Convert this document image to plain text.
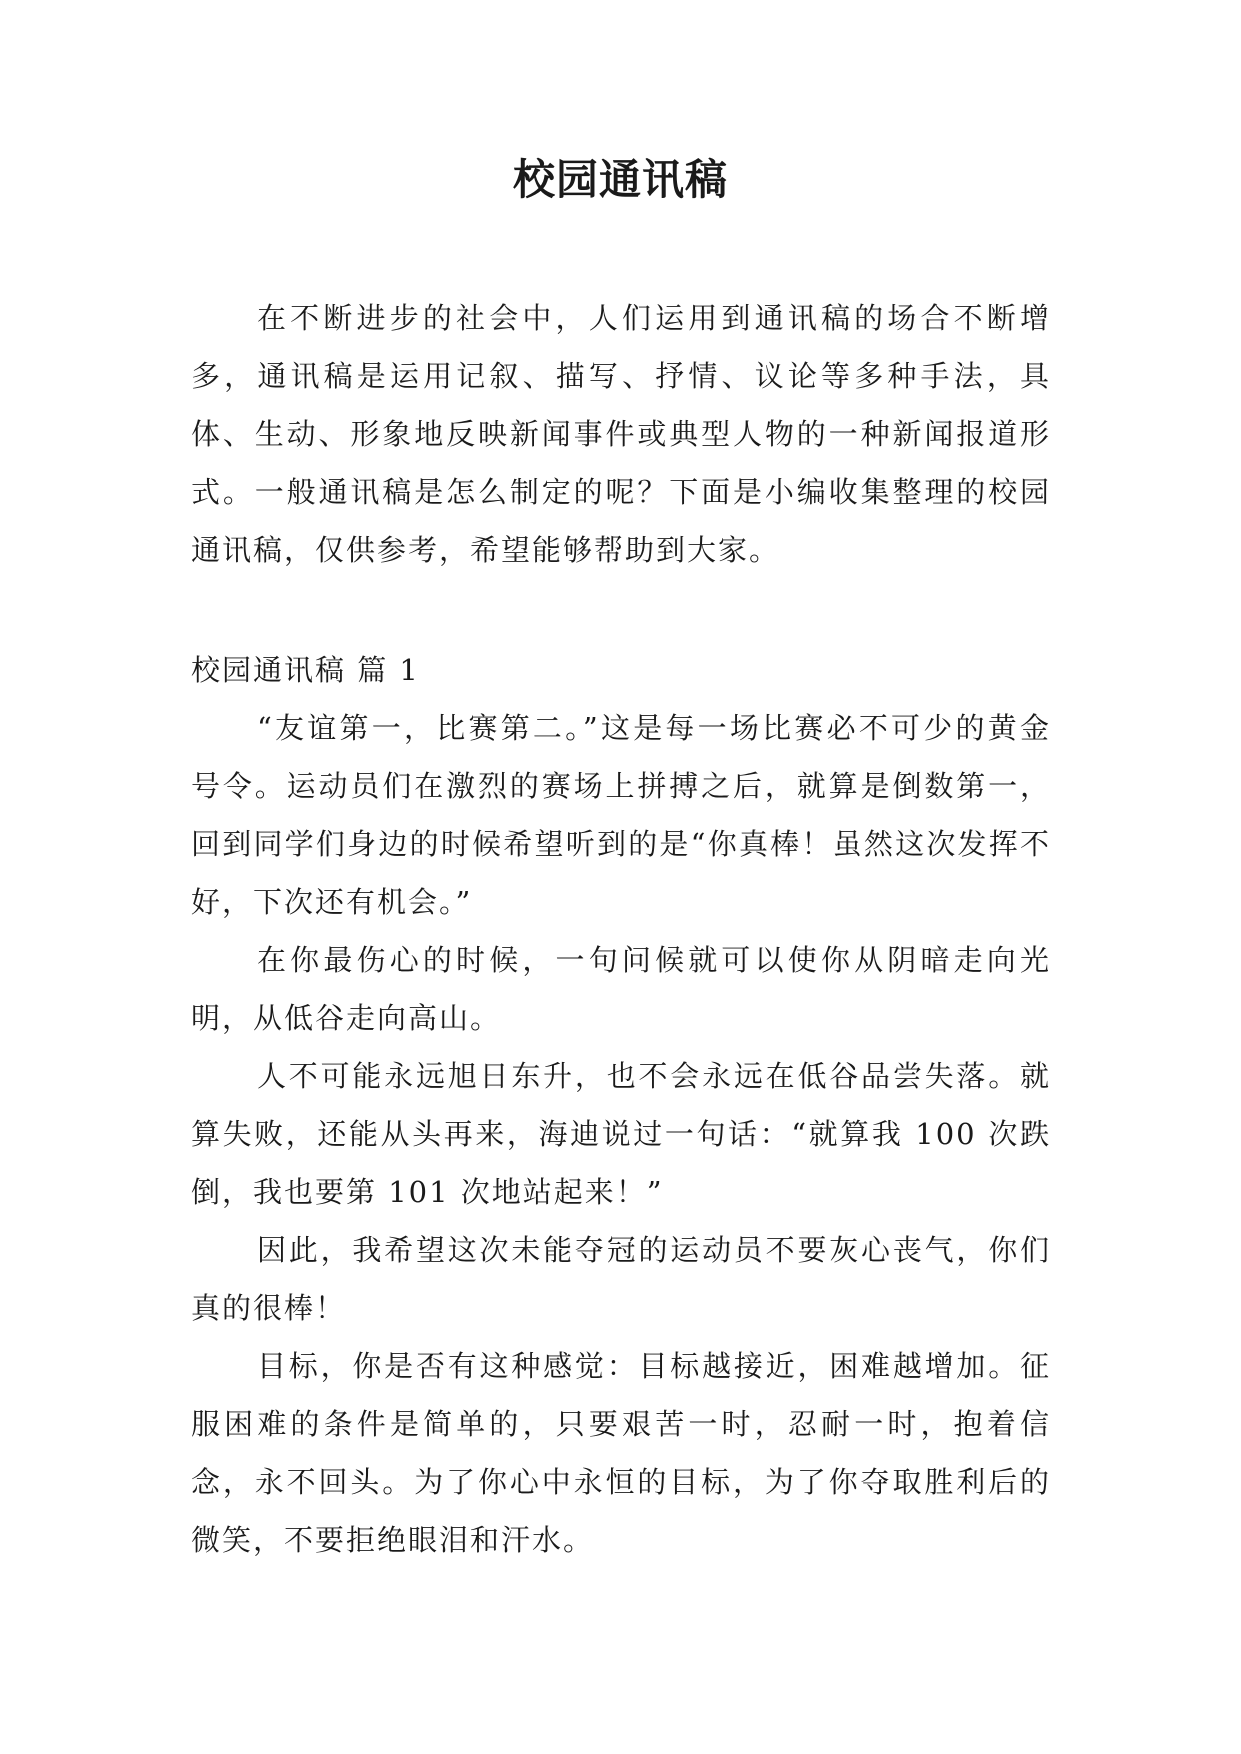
校园通讯稿

在不断进步的社会中，人们运用到通讯稿的场合不断增多，通讯稿是运用记叙、描写、抒情、议论等多种手法，具体、生动、形象地反映新闻事件或典型人物的一种新闻报道形式。一般通讯稿是怎么制定的呢？下面是小编收集整理的校园通讯稿，仅供参考，希望能够帮助到大家。

校园通讯稿 篇 1

“友谊第一，比赛第二。”这是每一场比赛必不可少的黄金号令。运动员们在激烈的赛场上拼搏之后，就算是倒数第一，回到同学们身边的时候希望听到的是“你真棒！虽然这次发挥不好，下次还有机会。”

在你最伤心的时候，一句问候就可以使你从阴暗走向光明，从低谷走向高山。

人不可能永远旭日东升，也不会永远在低谷品尝失落。就算失败，还能从头再来，海迪说过一句话：“就算我 100 次跌倒，我也要第 101 次地站起来！”

因此，我希望这次未能夺冠的运动员不要灰心丧气，你们真的很棒！

目标，你是否有这种感觉：目标越接近，困难越增加。征服困难的条件是简单的，只要艰苦一时，忍耐一时，抱着信念，永不回头。为了你心中永恒的目标，为了你夺取胜利后的微笑，不要拒绝眼泪和汗水。
